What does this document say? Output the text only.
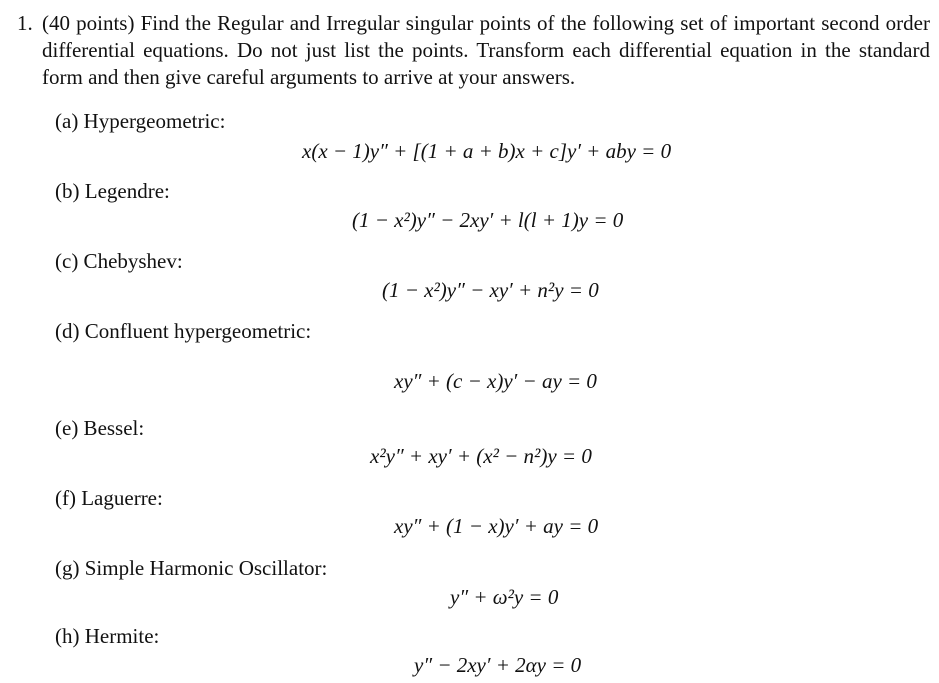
1. (40 points) Find the Regular and Irregular singular points of the following set of important second order differential equations. Do not just list the points. Transform each differential equation in the standard form and then give careful arguments to arrive at your answers.
(a) Hypergeometric:
x(x − 1)y″ + [(1 + a + b)x + c]y′ + aby = 0
(b) Legendre:
(1 − x²)y″ − 2xy′ + l(l + 1)y = 0
(c) Chebyshev:
(1 − x²)y″ − xy′ + n²y = 0
(d) Confluent hypergeometric:
xy″ + (c − x)y′ − ay = 0
(e) Bessel:
x²y″ + xy′ + (x² − n²)y = 0
(f) Laguerre:
xy″ + (1 − x)y′ + ay = 0
(g) Simple Harmonic Oscillator:
y″ + ω²y = 0
(h) Hermite:
y″ − 2xy′ + 2αy = 0
